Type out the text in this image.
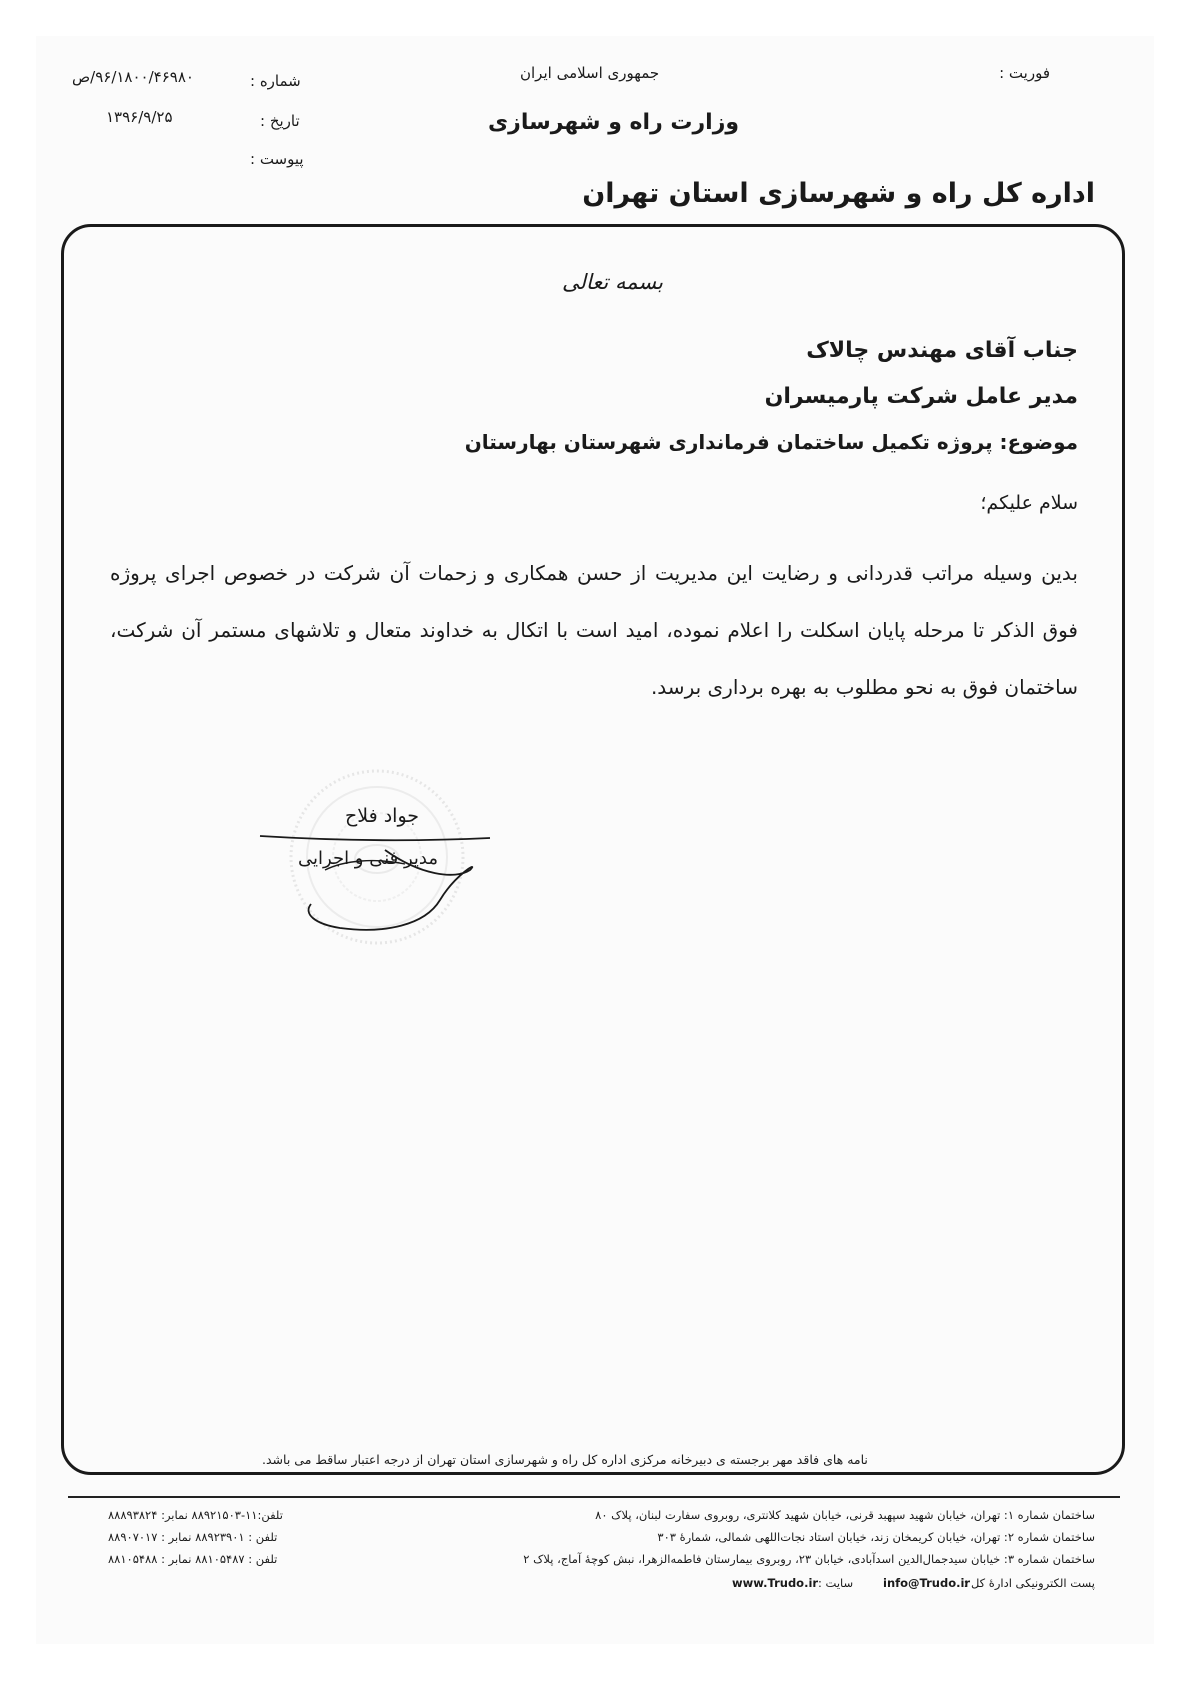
فوریت :
جمهوری اسلامی ایران
وزارت راه و شهرسازی
شماره :
۹۶/۱۸۰۰/۴۶۹۸۰/ص
تاریخ :
۱۳۹۶/۹/۲۵
پیوست :
اداره کل راه و شهرسازی استان تهران
بسمه تعالی
جناب آقای مهندس چالاک
مدیر عامل شرکت پارمیسران
موضوع: پروژه تکمیل ساختمان فرمانداری شهرستان بهارستان
سلام علیکم؛

بدین وسیله مراتب قدردانی و رضایت این مدیریت از حسن همکاری و زحمات آن شرکت در خصوص اجرای پروژه فوق الذکر تا مرحله پایان اسکلت را اعلام نموده، امید است با اتکال به خداوند متعال و تلاشهای مستمر آن شرکت، ساختمان فوق به نحو مطلوب به بهره برداری برسد.

جواد فلاح
مدیر فنی و اجرایی
نامه های فاقد مهر برجسته ی دبیرخانه مرکزی اداره کل راه و شهرسازی استان تهران از درجه اعتبار ساقط می باشد.
ساختمان شماره ۱: تهران، خیابان شهید سپهبد قرنی، خیابان شهید کلانتری، روبروی سفارت لبنان، پلاک ۸۰
ساختمان شماره ۲: تهران، خیابان کریمخان زند، خیابان استاد نجات‌اللهی شمالی، شمارهٔ ۳۰۳
ساختمان شماره ۳: خیابان سیدجمال‌الدین اسدآبادی، خیابان ۲۳، روبروی بیمارستان فاطمه‌الزهرا، نبش کوچهٔ آماج، پلاک ۲
تلفن:۱۱-۸۸۹۲۱۵۰۳ نمابر: ۸۸۸۹۳۸۲۴
تلفن : ۸۸۹۲۳۹۰۱ نمابر : ۸۸۹۰۷۰۱۷
تلفن : ۸۸۱۰۵۴۸۷ نمابر : ۸۸۱۰۵۴۸۸
پست الکترونیکی ادارهٔ کل :
info@Trudo.ir
سایت :
www.Trudo.ir
